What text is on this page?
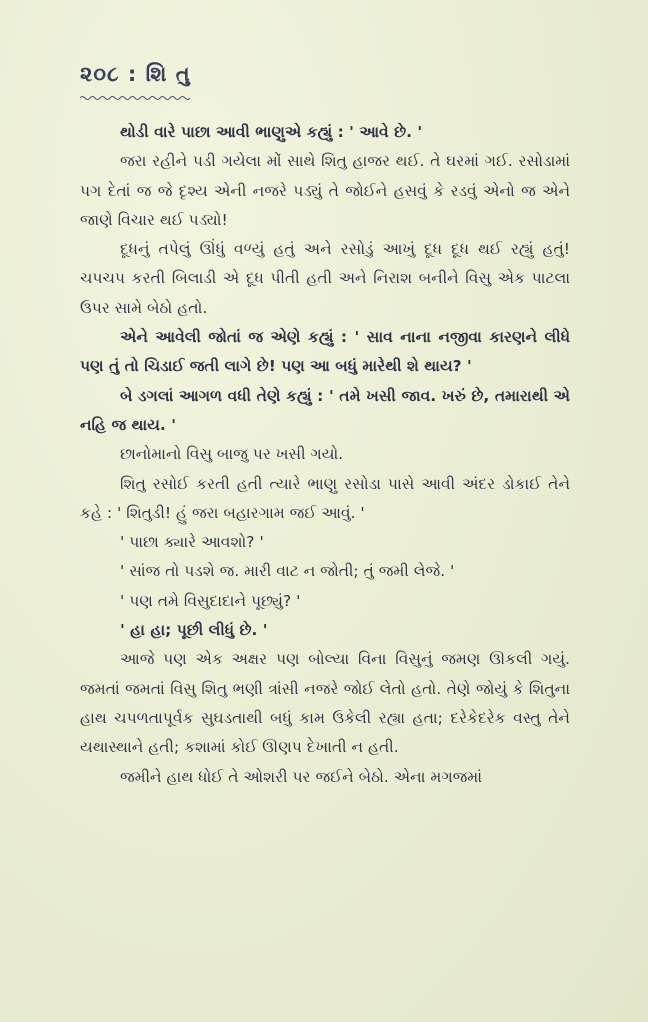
૨૦૮ : શિ તુ

થોડી વારે પાછા આવી ભાણુએ કહ્યું : ' આવે છે. '

જરા રહીને પડી ગયેલા મોં સાથે શિતુ હાજર થઈ. તે ઘરમાં ગઈ. રસોડામાં પગ દેતાં જ જે દૃશ્ય એની નજરે પડ્યું તે જોઈને હસવું કે રડવું એનો જ એને જાણે વિચાર થઈ પડ્યો!

દૂધનું તપેલું ઊંધું વળ્યું હતું અને રસોડું આખું દૂધ દૂધ થઈ રહ્યું હતું! ચપચપ કરતી બિલાડી એ દૂધ પીતી હતી અને નિરાશ બનીને વિસુ એક પાટલા ઉપર સામે બેઠો હતો.

એને આવેલી જોતાં જ એણે કહ્યું : ' સાવ નાના નજીવા કારણને લીધે પણ તું તો ચિડાઈ જતી લાગે છે! પણ આ બધું મારેથી શે થાય? '

બે ડગલાં આગળ વધી તેણે કહ્યું : ' તમે ખસી જાવ. ખરું છે, તમારાથી એ નહિ જ થાય. '

છાનોમાનો વિસુ બાજુ પર ખસી ગયો.

શિતુ રસોઈ કરતી હતી ત્યારે ભાણુ રસોડા પાસે આવી અંદર ડોકાઈ તેને કહે : ' શિતુડી! હું જરા બહારગામ જઈ આવું. '

' પાછા ક્યારે આવશો? '

' સાંજ તો પડશે જ. મારી વાટ ન જોતી; તું જમી લેજે. '

' પણ તમે વિસુદાદાને પૂછ્યું? '

' હા હા; પૂછી લીધું છે. '

આજે પણ એક અક્ષર પણ બોલ્યા વિના વિસુનું જમણ ઊકલી ગયું. જમતાં જમતાં વિસુ શિતુ ભણી ત્રાંસી નજરે જોઈ લેતો હતો. તેણે જોયું કે શિતુના હાથ ચપળતાપૂર્વક સુઘડતાથી બધું કામ ઉકેલી રહ્યા હતા; દરેકેદરેક વસ્તુ તેને યથાસ્થાને હતી; કશામાં કોઈ ઊણપ દેખાતી ન હતી.

જમીને હાથ ધોઈ તે ઓશરી પર જઈને બેઠો. એના મગજમાં
